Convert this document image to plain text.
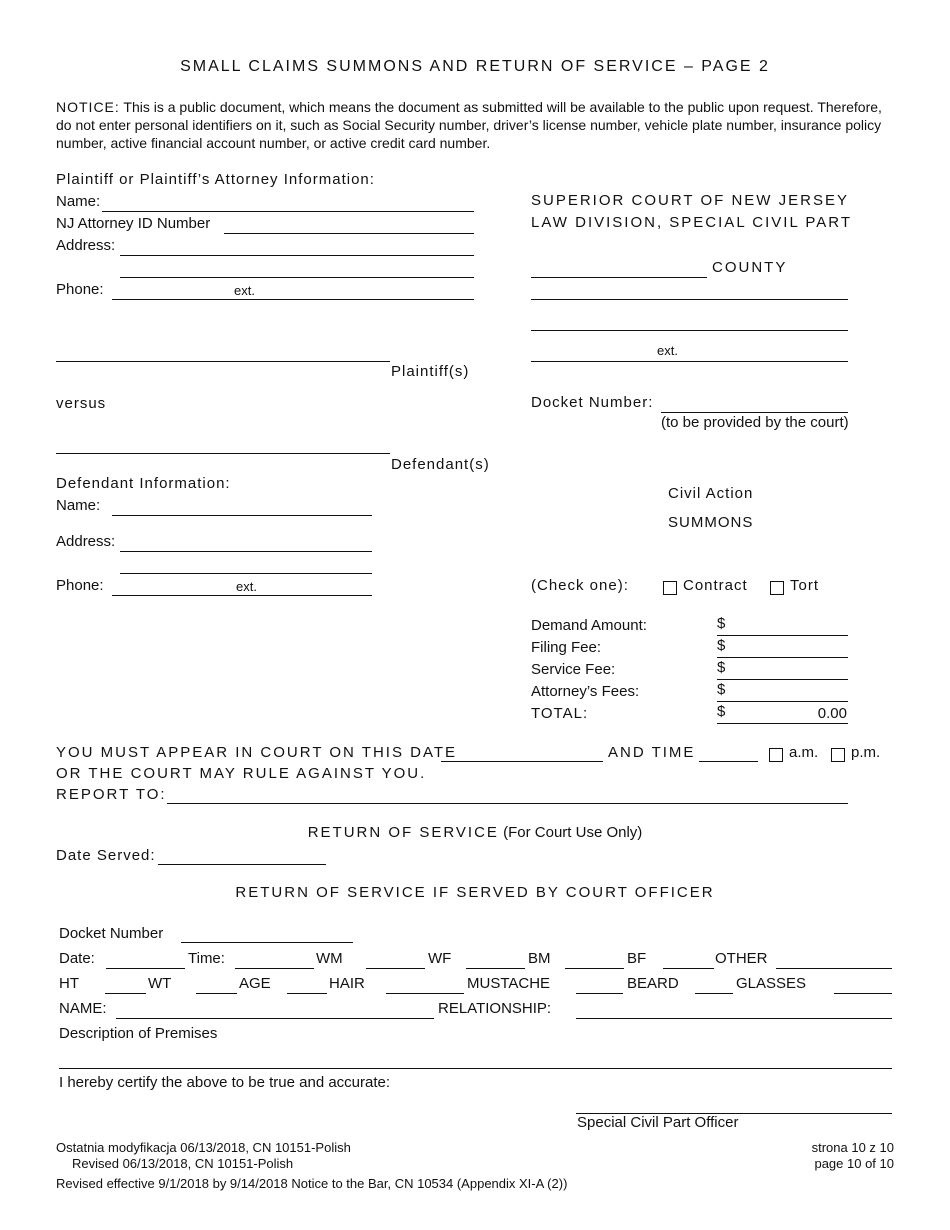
SMALL CLAIMS SUMMONS AND RETURN OF SERVICE – PAGE 2
NOTICE: This is a public document, which means the document as submitted will be available to the public upon request. Therefore, do not enter personal identifiers on it, such as Social Security number, driver’s license number, vehicle plate number, insurance policy number, active financial account number, or active credit card number.
Plaintiff or Plaintiff’s Attorney Information:
Name:
NJ Attorney ID Number
Address:
Phone:	ext.
Plaintiff(s)
versus
Defendant(s)
Defendant Information:
Name:
Address:
Phone:	ext.
SUPERIOR COURT OF NEW JERSEY
LAW DIVISION, SPECIAL CIVIL PART
COUNTY
ext.
Docket Number:
(to be provided by the court)
Civil Action
SUMMONS
(Check one):	Contract	Tort
Demand Amount:	$
Filing Fee:	$
Service Fee:	$
Attorney’s Fees:	$
TOTAL:	$	0.00
YOU MUST APPEAR IN COURT ON THIS DATE	AND TIME	a.m. p.m.
OR THE COURT MAY RULE AGAINST YOU.
REPORT TO:
RETURN OF SERVICE (For Court Use Only)
Date Served:
RETURN OF SERVICE IF SERVED BY COURT OFFICER
Docket Number
Date:	Time:	WM	WF	BM	BF	OTHER
HT	WT	AGE	HAIR	MUSTACHE	BEARD	GLASSES
NAME:	RELATIONSHIP:
Description of Premises
I hereby certify the above to be true and accurate:
Special Civil Part Officer
Ostatnia modyfikacja 06/13/2018, CN 10151-Polish
Revised 06/13/2018, CN 10151-Polish
Revised effective 9/1/2018 by 9/14/2018 Notice to the Bar, CN 10534 (Appendix XI-A (2))
strona 10 z 10
page 10 of 10
